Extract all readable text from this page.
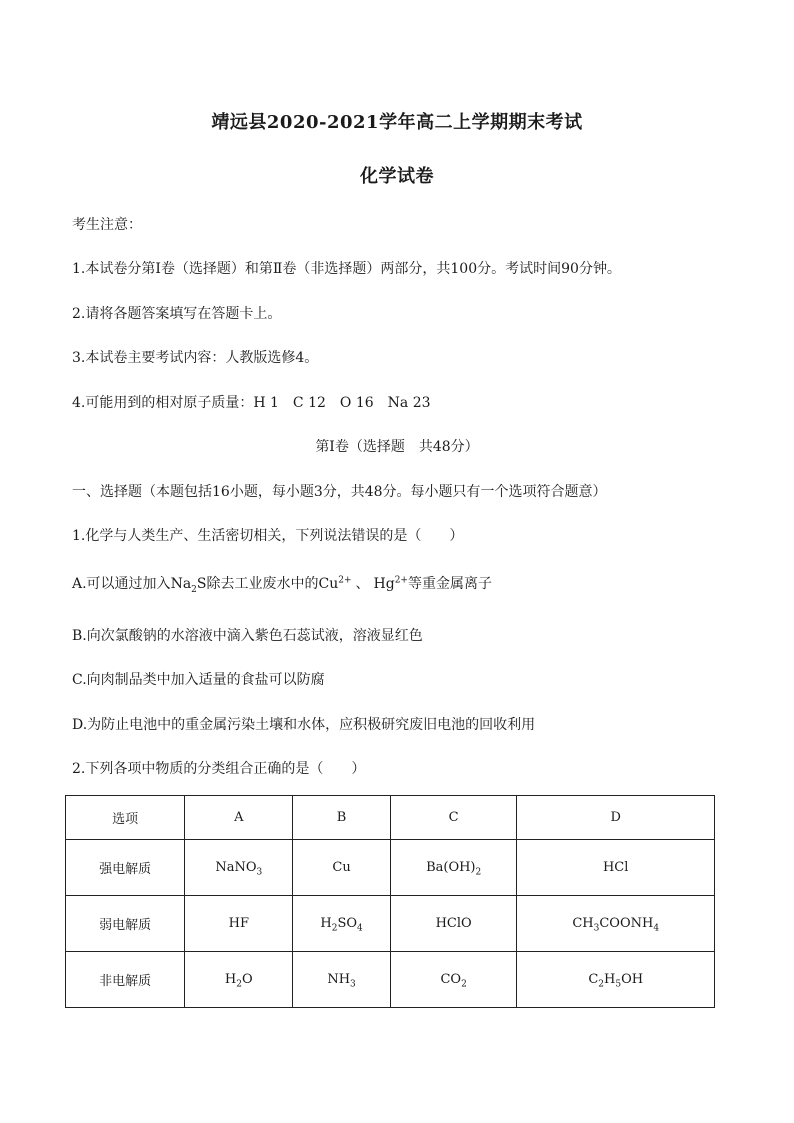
靖远县2020-2021学年高二上学期期末考试
化学试卷
考生注意：
1.本试卷分第Ⅰ卷（选择题）和第Ⅱ卷（非选择题）两部分，共100分。考试时间90分钟。
2.请将各题答案填写在答题卡上。
3.本试卷主要考试内容：人教版选修4。
4.可能用到的相对原子质量：H 1　C 12　O 16　Na 23
第Ⅰ卷（选择题　共48分）
一、选择题（本题包括16小题，每小题3分，共48分。每小题只有一个选项符合题意）
1.化学与人类生产、生活密切相关，下列说法错误的是（　　）
A.可以通过加入$Na_2S$除去工业废水中的$Cu^{2+}$ 、 $Hg^{2+}$等重金属离子
B.向次氯酸钠的水溶液中滴入紫色石蕊试液，溶液显红色
C.向肉制品类中加入适量的食盐可以防腐
D.为防止电池中的重金属污染土壤和水体，应积极研究废旧电池的回收利用
2.下列各项中物质的分类组合正确的是（　　）
选项	A	B	C	D
强电解质	NaNO$_3$	Cu	$Ba(OH)_2$	HCl
弱电解质	HF	$H_2SO_4$	HClO	$CH_3COONH_4$
非电解质	$H_2O$	$NH_3$	$CO_2$	$C_2H_5OH$
